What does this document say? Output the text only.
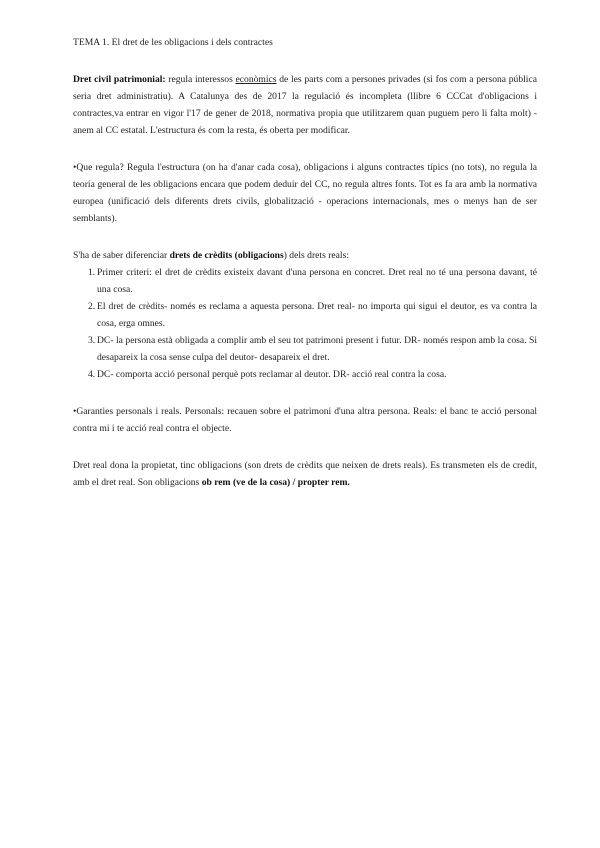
TEMA 1. El dret de les obligacions i dels contractes

Dret civil patrimonial: regula interessos econòmics de les parts com a persones privades (si fos com a persona pública seria dret administratiu). A Catalunya des de 2017 la regulació és incompleta (llibre 6 CCCat d'obligacions i contractes,va entrar en vigor l'17 de gener de 2018, normativa propia que utilitzarem quan puguem pero li falta molt) - anem al CC estatal. L'estructura és com la resta, és oberta per modificar.

•Que regula? Regula l'estructura (on ha d'anar cada cosa), obligacions i alguns contractes típics (no tots), no regula la teoría general de les obligacions encara que podem deduir del CC, no regula altres fonts. Tot es fa ara amb la normativa europea (unificació dels diferents drets civils, globalització - operacions internacionals, mes o menys han de ser semblants).

S'ha de saber diferenciar drets de crèdits (obligacions) dels drets reals:

1. Primer criteri: el dret de crèdits existeix davant d'una persona en concret. Dret real no té una persona davant, té una cosa.
2. El dret de crèdits- només es reclama a aquesta persona. Dret real- no importa qui sigui el deutor, es va contra la cosa, erga omnes.
3. DC- la persona està obligada a complir amb el seu tot patrimoni present i futur. DR- només respon amb la cosa. Si desapareix la cosa sense culpa del deutor- desapareix el dret.
4. DC- comporta acció personal perquè pots reclamar al deutor. DR- acció real contra la cosa.

•Garanties personals i reals. Personals: recauen sobre el patrimoni d'una altra persona. Reals: el banc te acció personal contra mi i te acció real contra el objecte.

Dret real dona la propietat, tinc obligacions (son drets de crèdits que neixen de drets reals). Es transmeten els de credit, amb el dret real. Son obligacions ob rem (ve de la cosa) / propter rem.
